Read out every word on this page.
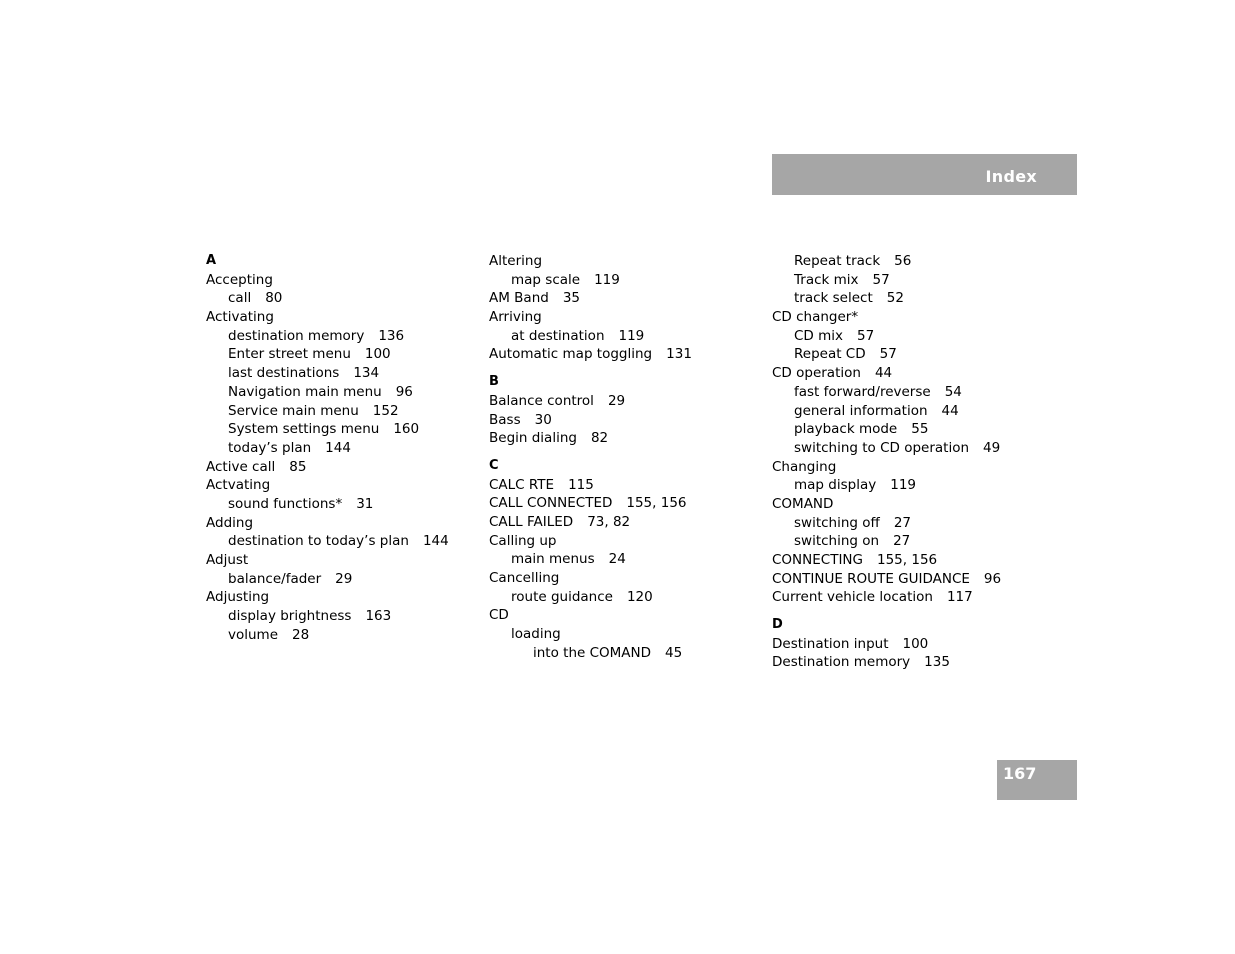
Index
A
Accepting
call 80
Activating
destination memory 136
Enter street menu 100
last destinations 134
Navigation main menu 96
Service main menu 152
System settings menu 160
today’s plan 144
Active call 85
Actvating
sound functions* 31
Adding
destination to today’s plan 144
Adjust
balance/fader 29
Adjusting
display brightness 163
volume 28
Altering
map scale 119
AM Band 35
Arriving
at destination 119
Automatic map toggling 131
B
Balance control 29
Bass 30
Begin dialing 82
C
CALC RTE 115
CALL CONNECTED 155, 156
CALL FAILED 73, 82
Calling up
main menus 24
Cancelling
route guidance 120
CD
loading
into the COMAND 45
Repeat track 56
Track mix 57
track select 52
CD changer*
CD mix 57
Repeat CD 57
CD operation 44
fast forward/reverse 54
general information 44
playback mode 55
switching to CD operation 49
Changing
map display 119
COMAND
switching off 27
switching on 27
CONNECTING 155, 156
CONTINUE ROUTE GUIDANCE 96
Current vehicle location 117
D
Destination input 100
Destination memory 135
167
